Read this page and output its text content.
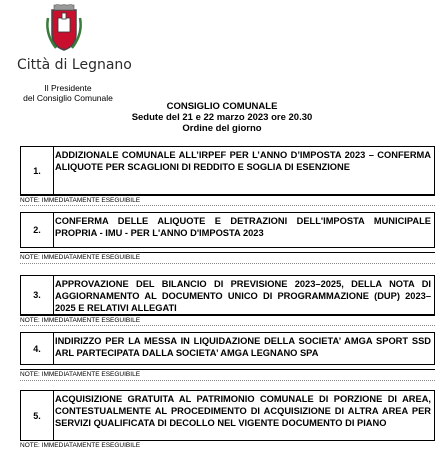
Città di Legnano
Il Presidente
del Consiglio Comunale
CONSIGLIO COMUNALE
Sedute del 21 e 22 marzo 2023 ore 20.30
Ordine del giorno
1.
ADDIZIONALE COMUNALE ALL’IRPEF PER L’ANNO D’IMPOSTA 2023 – CONFERMA ALIQUOTE PER SCAGLIONI DI REDDITO E SOGLIA DI ESENZIONE
NOTE: IMMEDIATAMENTE ESEGUIBILE
2.
CONFERMA DELLE ALIQUOTE E DETRAZIONI DELL'IMPOSTA MUNICIPALE PROPRIA - IMU - PER L'ANNO D'IMPOSTA 2023
NOTE: IMMEDIATAMENTE ESEGUIBILE
3.
APPROVAZIONE DEL BILANCIO DI PREVISIONE 2023–2025, DELLA NOTA DI AGGIORNAMENTO AL DOCUMENTO UNICO DI PROGRAMMAZIONE (DUP) 2023–2025 E RELATIVI ALLEGATI
NOTE: IMMEDIATAMENTE ESEGUIBILE
4.
INDIRIZZO PER LA MESSA IN LIQUIDAZIONE DELLA SOCIETA’ AMGA SPORT SSD ARL PARTECIPATA DALLA SOCIETA’ AMGA LEGNANO SPA
NOTE: IMMEDIATAMENTE ESEGUIBILE
5.
ACQUISIZIONE GRATUITA AL PATRIMONIO COMUNALE DI PORZIONE DI AREA, CONTESTUALMENTE AL PROCEDIMENTO DI ACQUISIZIONE DI ALTRA AREA PER SERVIZI QUALIFICATA DI DECOLLO NEL VIGENTE DOCUMENTO DI PIANO
NOTE: IMMEDIATAMENTE ESEGUIBILE
